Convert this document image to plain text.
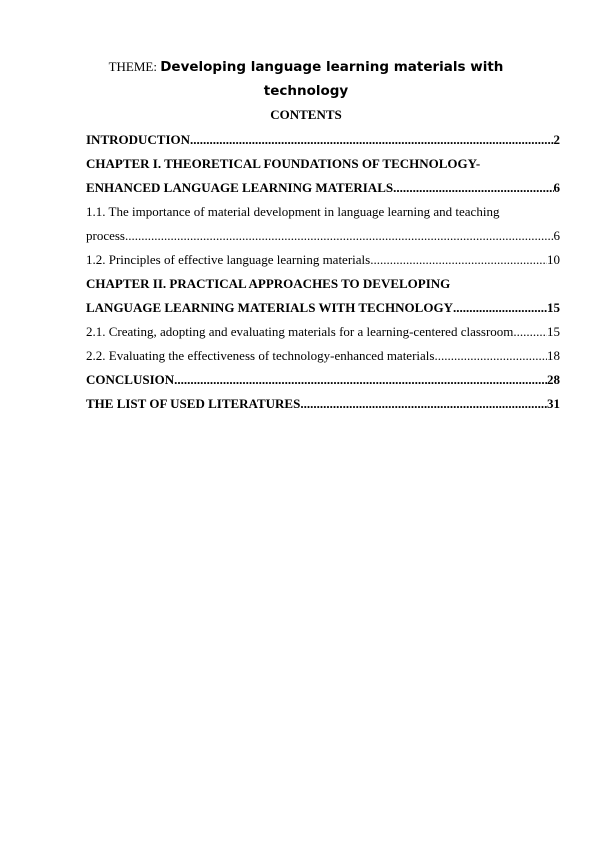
THEME: Developing language learning materials with
technology
CONTENTS
INTRODUCTION .....	2
CHAPTER I. THEORETICAL FOUNDATIONS OF TECHNOLOGY-
ENHANCED LANGUAGE LEARNING MATERIALS .....	6
1.1. The importance of material development in language learning and teaching
process .....	6
1.2. Principles of effective language learning materials .....	10
CHAPTER II. PRACTICAL APPROACHES TO DEVELOPING
LANGUAGE LEARNING MATERIALS WITH TECHNOLOGY .....	15
2.1. Creating, adopting and evaluating materials for a learning-centered classroom .....	15
2.2. Evaluating the effectiveness of technology-enhanced materials .....	18
CONCLUSION .....	28
THE LIST OF USED LITERATURES .....	31
